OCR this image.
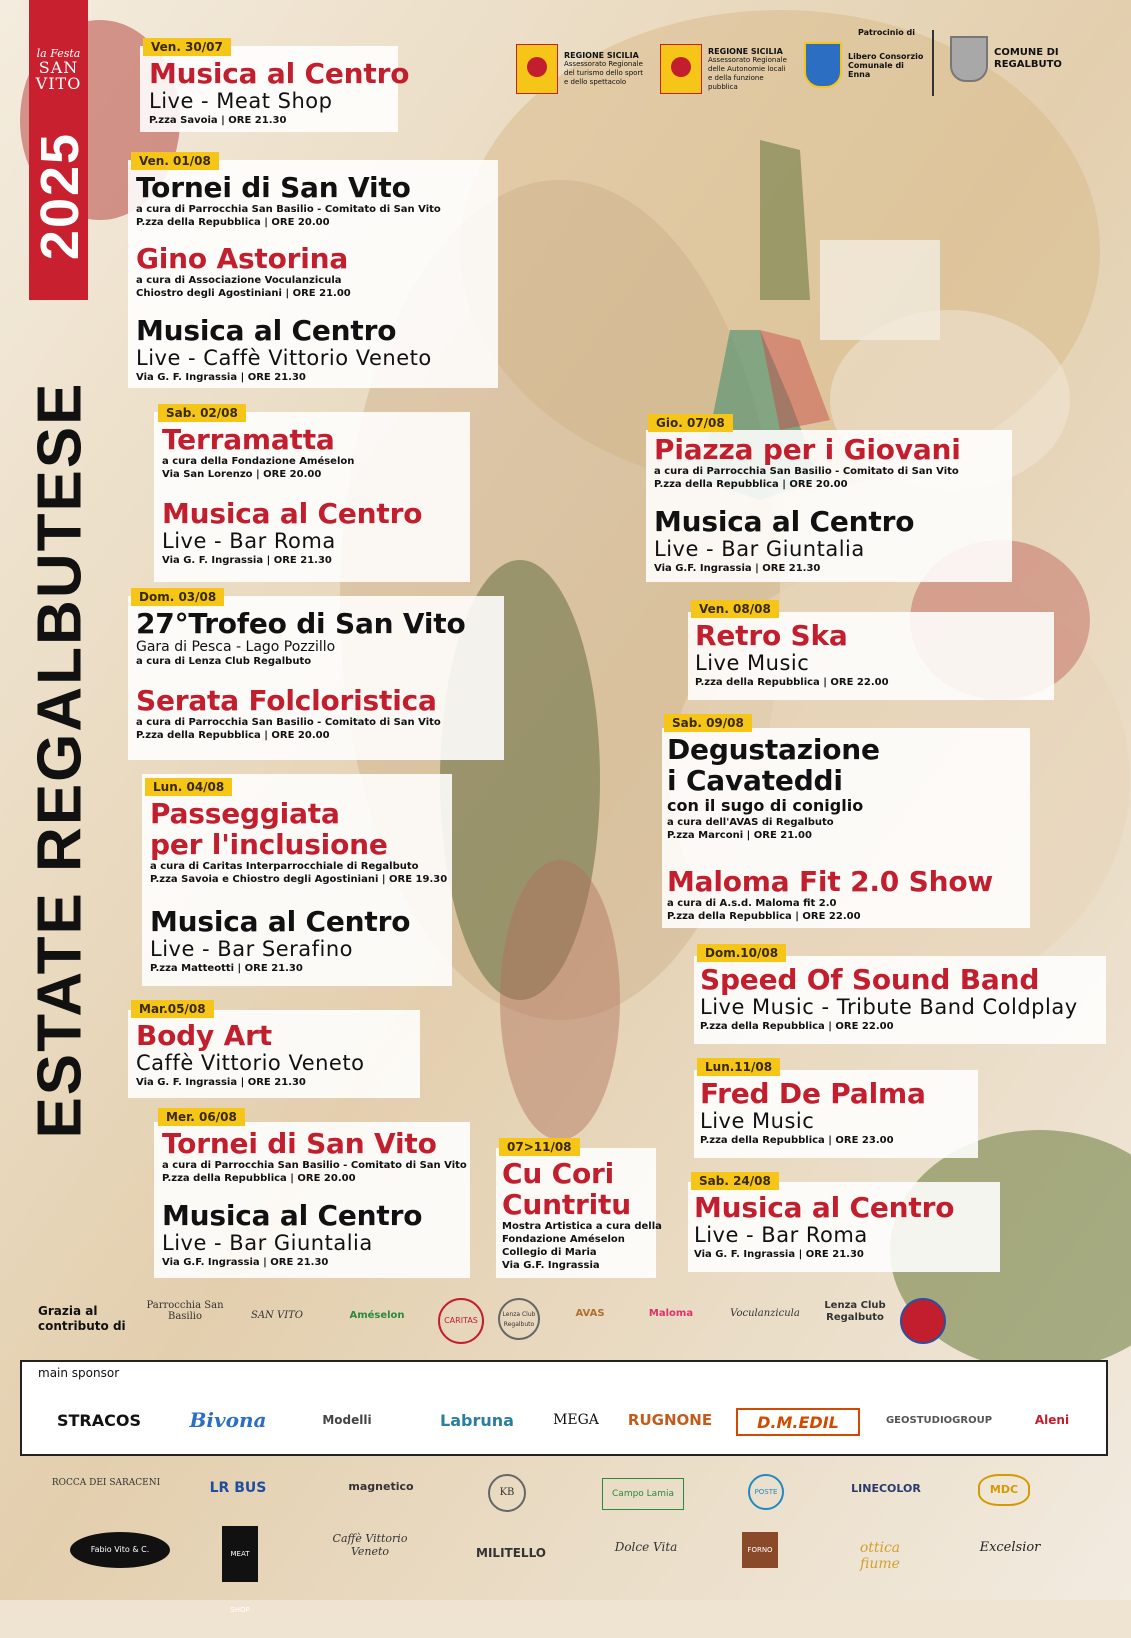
la Festa
SAN
VITO
2025
ESTATE REGALBUTESE
REGIONE SICILIA
Assessorato Regionale del turismo dello sport e dello spettacolo
REGIONE SICILIA
Assessorato Regionale delle Autonomie locali e della funzione pubblica
Patrocinio di
Libero Consorzio Comunale di Enna
COMUNE DI REGALBUTO
Ven. 30/07
Musica al Centro
Live - Meat Shop
P.zza Savoia | ORE 21.30
Ven. 01/08
Tornei di San Vito
a cura di Parrocchia San Basilio - Comitato di San Vito
P.zza della Repubblica | ORE 20.00
Gino Astorina
a cura di Associazione Voculanzicula
Chiostro degli Agostiniani | ORE 21.00
Musica al Centro
Live - Caffè Vittorio Veneto
Via G. F. Ingrassia | ORE 21.30
Sab. 02/08
Terramatta
a cura della Fondazione Améselon
Via San Lorenzo | ORE 20.00
Musica al Centro
Live - Bar Roma
Via G. F. Ingrassia | ORE 21.30
Dom. 03/08
27°Trofeo di San Vito
Gara di Pesca - Lago Pozzillo
a cura di Lenza Club Regalbuto
Serata Folcloristica
a cura di Parrocchia San Basilio - Comitato di San Vito
P.zza della Repubblica | ORE 20.00
Lun. 04/08
Passeggiata
per l'inclusione
a cura di Caritas Interparrocchiale di Regalbuto
P.zza Savoia e Chiostro degli Agostiniani | ORE 19.30
Musica al Centro
Live - Bar Serafino
P.zza Matteotti | ORE 21.30
Mar.05/08
Body Art
Caffè Vittorio Veneto
Via G. F. Ingrassia | ORE 21.30
Mer. 06/08
Tornei di San Vito
a cura di Parrocchia San Basilio - Comitato di San Vito
P.zza della Repubblica | ORE 20.00
Musica al Centro
Live - Bar Giuntalia
Via G.F. Ingrassia | ORE 21.30
07>11/08
Cu Cori
Cuntritu
Mostra Artistica a cura della
Fondazione Améselon
Collegio di Maria
Via G.F. Ingrassia
Gio. 07/08
Piazza per i Giovani
a cura di Parrocchia San Basilio - Comitato di San Vito
P.zza della Repubblica | ORE 20.00
Musica al Centro
Live - Bar Giuntalia
Via G.F. Ingrassia | ORE 21.30
Ven. 08/08
Retro Ska
Live Music
P.zza della Repubblica | ORE 22.00
Sab. 09/08
Degustazione
i Cavateddi
con il sugo di coniglio
a cura dell'AVAS di Regalbuto
P.zza Marconi | ORE 21.00
Maloma Fit 2.0 Show
a cura di A.s.d. Maloma fit 2.0
P.zza della Repubblica | ORE 22.00
Dom.10/08
Speed Of Sound Band
Live Music - Tribute Band Coldplay
P.zza della Repubblica | ORE 22.00
Lun.11/08
Fred De Palma
Live Music
P.zza della Repubblica | ORE 23.00
Sab. 24/08
Musica al Centro
Live - Bar Roma
Via G. F. Ingrassia | ORE 21.30
Grazia al
contributo di
Parrocchia San Basilio	SAN VITO	Améselon	CARITAS
Lenza Club Regalbuto
AVAS	Maloma	Voculanzicula
Lenza Club Regalbuto
main sponsor
STRACOS	Bivona	Modelli	Labruna	MEGA	RUGNONE	D.M.EDIL	GEOSTUDIOGROUP	Aleni
ROCCA DEI SARACENI	LR BUS	magnetico	KB	Campo Lamia	POSTE	LINECOLOR	MDC
Fabio Vito & C.	MEAT SHOP
Caffè Vittorio Veneto	MILITELLO	Dolce Vita	FORNO	ottica fiume
Excelsior
